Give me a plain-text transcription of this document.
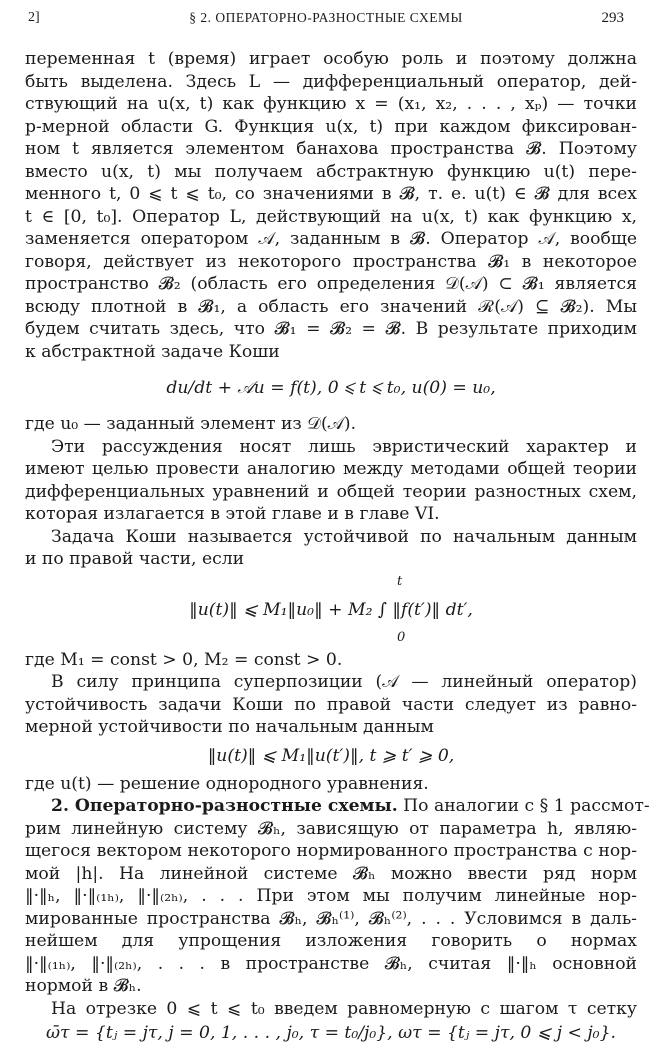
2]	§ 2. ОПЕРАТОРНО-РАЗНОСТНЫЕ СХЕМЫ	293
переменная t (время) играет особую роль и поэтому должна
быть выделена. Здесь L — дифференциальный оператор, дей-
ствующий на u(x, t) как функцию x = (x₁, x₂, . . . , xₚ) — точки
p-мерной области G. Функция u(x, t) при каждом фиксирован-
ном t является элементом банахова пространства 𝓑. Поэтому
вместо u(x, t) мы получаем абстрактную функцию u(t) пере-
менного t, 0 ⩽ t ⩽ t₀, со значениями в 𝓑, т. е. u(t) ∈ 𝓑 для всех
t ∈ [0, t₀]. Оператор L, действующий на u(x, t) как функцию x,
заменяется оператором 𝒜, заданным в 𝓑. Оператор 𝒜, вообще
говоря, действует из некоторого пространства 𝓑₁ в некоторое
пространство 𝓑₂ (область его определения 𝒟(𝒜) ⊂ 𝓑₁ является
всюду плотной в 𝓑₁, а область его значений ℛ(𝒜) ⊆ 𝓑₂). Мы
будем считать здесь, что 𝓑₁ = 𝓑₂ = 𝓑. В результате приходим
к абстрактной задаче Коши
du/dt + 𝒜u = f(t), 0 ⩽ t ⩽ t₀, u(0) = u₀,
где u₀ — заданный элемент из 𝒟(𝒜).
Эти рассуждения носят лишь эвристический характер и
имеют целью провести аналогию между методами общей теории
дифференциальных уравнений и общей теории разностных схем,
которая излагается в этой главе и в главе VI.
Задача Коши называется устойчивой по начальным данным
и по правой части, если
‖u(t)‖ ⩽ M₁‖u₀‖ + M₂ ∫ ‖f(t′)‖ dt′,
t
0
где M₁ = const > 0, M₂ = const > 0.
В силу принципа суперпозиции (𝒜 — линейный оператор)
устойчивость задачи Коши по правой части следует из равно-
мерной устойчивости по начальным данным
‖u(t)‖ ⩽ M₁‖u(t′)‖, t ⩾ t′ ⩾ 0,
где u(t) — решение однородного уравнения.
2. Операторно-разностные схемы. По аналогии с § 1 рассмот-
рим линейную систему 𝓑ₕ, зависящую от параметра h, являю-
щегося вектором некоторого нормированного пространства с нор-
мой |h|. На линейной системе 𝓑ₕ можно ввести ряд норм
‖·‖ₕ, ‖·‖₍₁ₕ₎, ‖·‖₍₂ₕ₎, . . . При этом мы получим линейные нор-
мированные пространства 𝓑ₕ, 𝓑ₕ⁽¹⁾, 𝓑ₕ⁽²⁾, . . . Условимся в даль-
нейшем для упрощения изложения говорить о нормах
‖·‖₍₁ₕ₎, ‖·‖₍₂ₕ₎, . . . в пространстве 𝓑ₕ, считая ‖·‖ₕ основной
нормой в 𝓑ₕ.
На отрезке 0 ⩽ t ⩽ t₀ введем равномерную с шагом τ сетку
ω̄τ = {tⱼ = jτ, j = 0, 1, . . . , j₀, τ = t₀/j₀}, ωτ = {tⱼ = jτ, 0 ⩽ j < j₀}.
